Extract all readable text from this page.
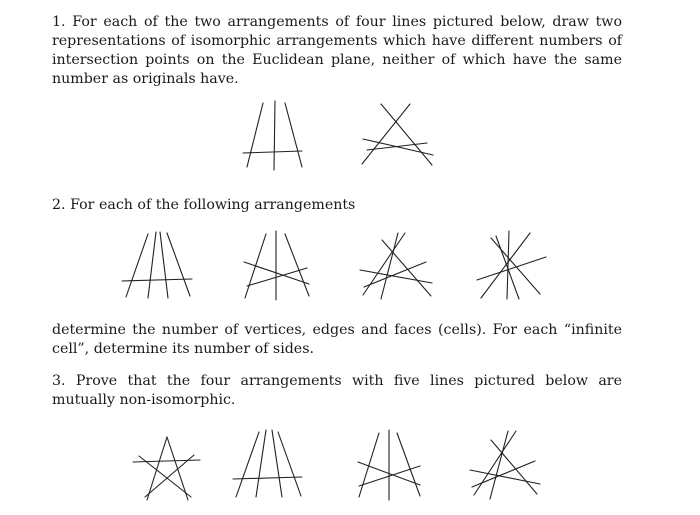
1. For each of the two arrangements of four lines pictured below, draw two representations of isomorphic arrangements which have different numbers of intersection points on the Euclidean plane, neither of which have the same number as originals have.

2. For each of the following arrangements

determine the number of vertices, edges and faces (cells). For each “infinite cell”, determine its number of sides.

3. Prove that the four arrangements with five lines pictured below are mutually non-isomorphic.
